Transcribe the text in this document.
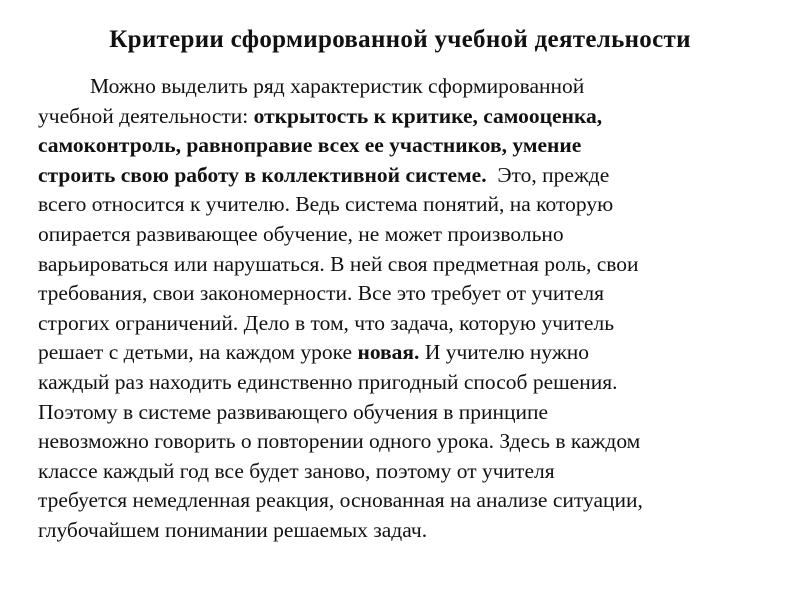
Критерии сформированной учебной деятельности
Можно выделить ряд характеристик сформированной
учебной деятельности: открытость к критике, самооценка,
самоконтроль, равноправие всех ее участников, умение
строить свою работу в коллективной системе.  Это, прежде
всего относится к учителю. Ведь система понятий, на которую
опирается развивающее обучение, не может произвольно
варьироваться или нарушаться. В ней своя предметная роль, свои
требования, свои закономерности. Все это требует от учителя
строгих ограничений. Дело в том, что задача, которую учитель
решает с детьми, на каждом уроке новая. И учителю нужно
каждый раз находить единственно пригодный способ решения.
Поэтому в системе развивающего обучения в принципе
невозможно говорить о повторении одного урока. Здесь в каждом
классе каждый год все будет заново, поэтому от учителя
требуется немедленная реакция, основанная на анализе ситуации,
глубочайшем понимании решаемых задач.
